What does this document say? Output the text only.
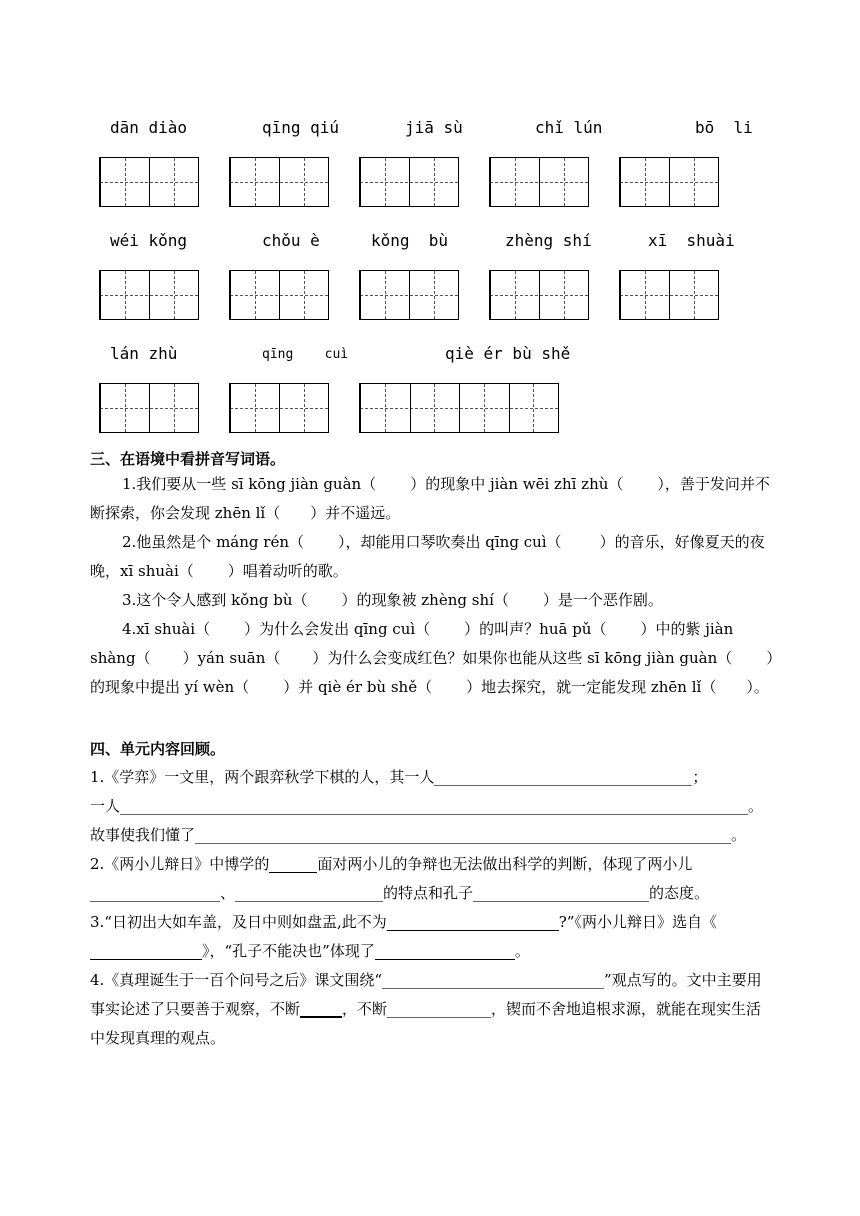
dān diào	qīng qiú	jiā sù	chǐ lún	bō  li
wéi kǒng	chǒu è	kǒng  bù	zhèng shí	xī  shuài
lán zhù	qīng    cuì	qiè ér bù shě
三、在语境中看拼音写词语。

1.我们要从一些 sī kōng jiàn guàn（ ）的现象中 jiàn wēi zhī zhù（ ），善于发问并不断探索，你会发现 zhēn lǐ（ ）并不遥远。

2.他虽然是个 máng rén（ ），却能用口琴吹奏出 qīng cuì（	）的音乐，好像夏天的夜晚，xī shuài（ ）唱着动听的歌。

3.这个令人感到 kǒng bù（ ）的现象被 zhèng shí（ ）是一个恶作剧。

4.xī shuài（ ）为什么会发出 qīng cuì（ ）的叫声？huā pǔ（ ）中的紫 jiàn shàng（ ）yán suān（ ）为什么会变成红色？如果你也能从这些 sī kōng jiàn guàn（ ）的现象中提出 yí wèn（ ）并 qiè ér bù shě（ ）地去探究，就一定能发现 zhēn lǐ（ ）。

四、单元内容回顾。

1.《学弈》一文里，两个跟弈秋学下棋的人，其一人	；
一人	。
故事使我们懂了	。

2.《两小儿辩日》中博学的	面对两小儿的争辩也无法做出科学的判断，体现了两小儿、	的特点和孔子	的态度。

3.“日初出大如车盖，及日中则如盘盂,此不为	?”《两小儿辩日》选自《》，“孔子不能决也”体现了	。

4.《真理诞生于一百个问号之后》课文围绕“	”观点写的。文中主要用事实论述了只要善于观察，不断	，不断	，锲而不舍地追根求源，就能在现实生活中发现真理的观点。
